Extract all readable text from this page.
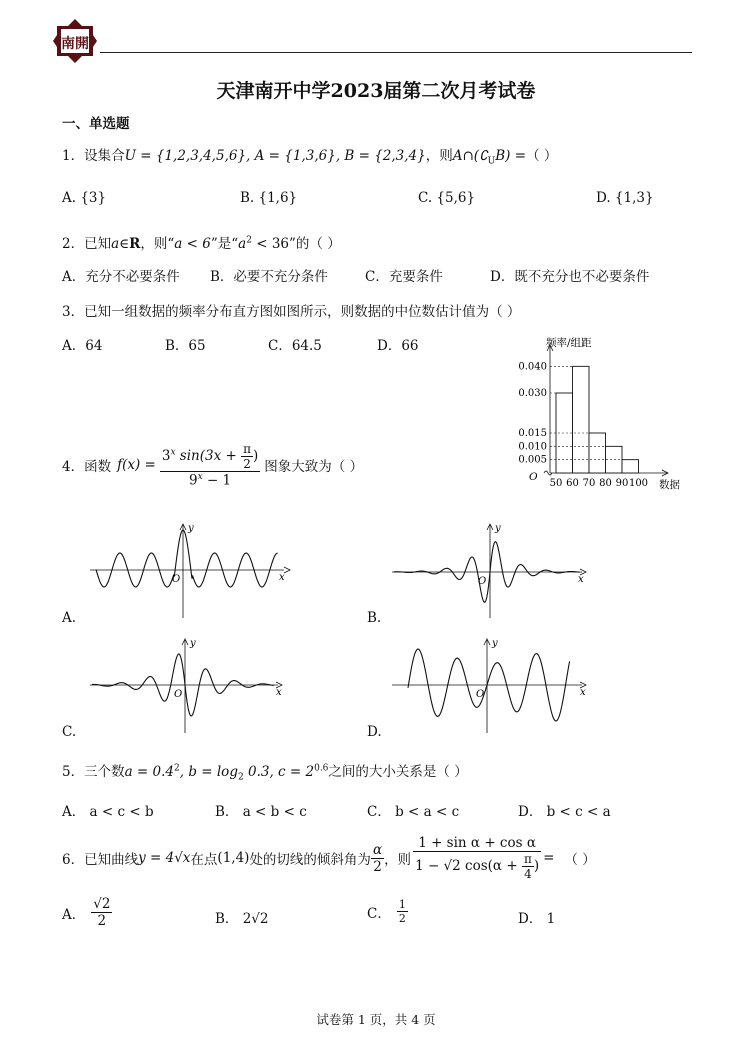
南開
天津南开中学2023届第二次月考试卷
一、单选题
1．设集合U = {1,2,3,4,5,6}, A = {1,3,6}, B = {2,3,4}，则$A\cap(∁_UB)$ =（ ）
A. {3}	B. {1,6}	C. {5,6}	D. {1,3}
2．已知a∈R，则“a < 6”是“$a^2 < 36$”的（ ）
A．充分不必要条件 B．必要不充分条件	C．充要条件	D．既不充分也不必要条件
3．已知一组数据的频率分布直方图如图所示，则数据的中位数估计值为（ ）
A．64	B．65	C．64.5	D．66
0.040
0.030
0.015
0.010
0.005
50 60 70 80 90 100
频率/组距
数据
O
4．函数 $f(x) = \frac{3^x \sin(3x + \frac{\pi}{2} )}{9^x - 1}$ 图象大致为（ ）
y
x
O
y
x
O
A.	B.
y
x
O
y
x
O
C.	D.
5．三个数$a = 0.4^2$, $b = \log_2 0.3$, $c = 2^{0.6}$之间的大小关系是（ ）
A． a < c < b	B． a < b < c	C． b < a < c	D． b < c < a
6．已知曲线 y = 4√x 在点 (1,4) 处的切线的倾斜角为 $\frac{\alpha}{2}$ ，则 $\frac{\text{1 + sin α + cos α}}{1 - √2 \cos(\alpha + \frac{\pi}{4} )}$ = （ ）
A． $\frac{√2}{2}$	B． 2√2	C． $\frac{1}{2}$	D． 1
试卷第 1 页，共 4 页
